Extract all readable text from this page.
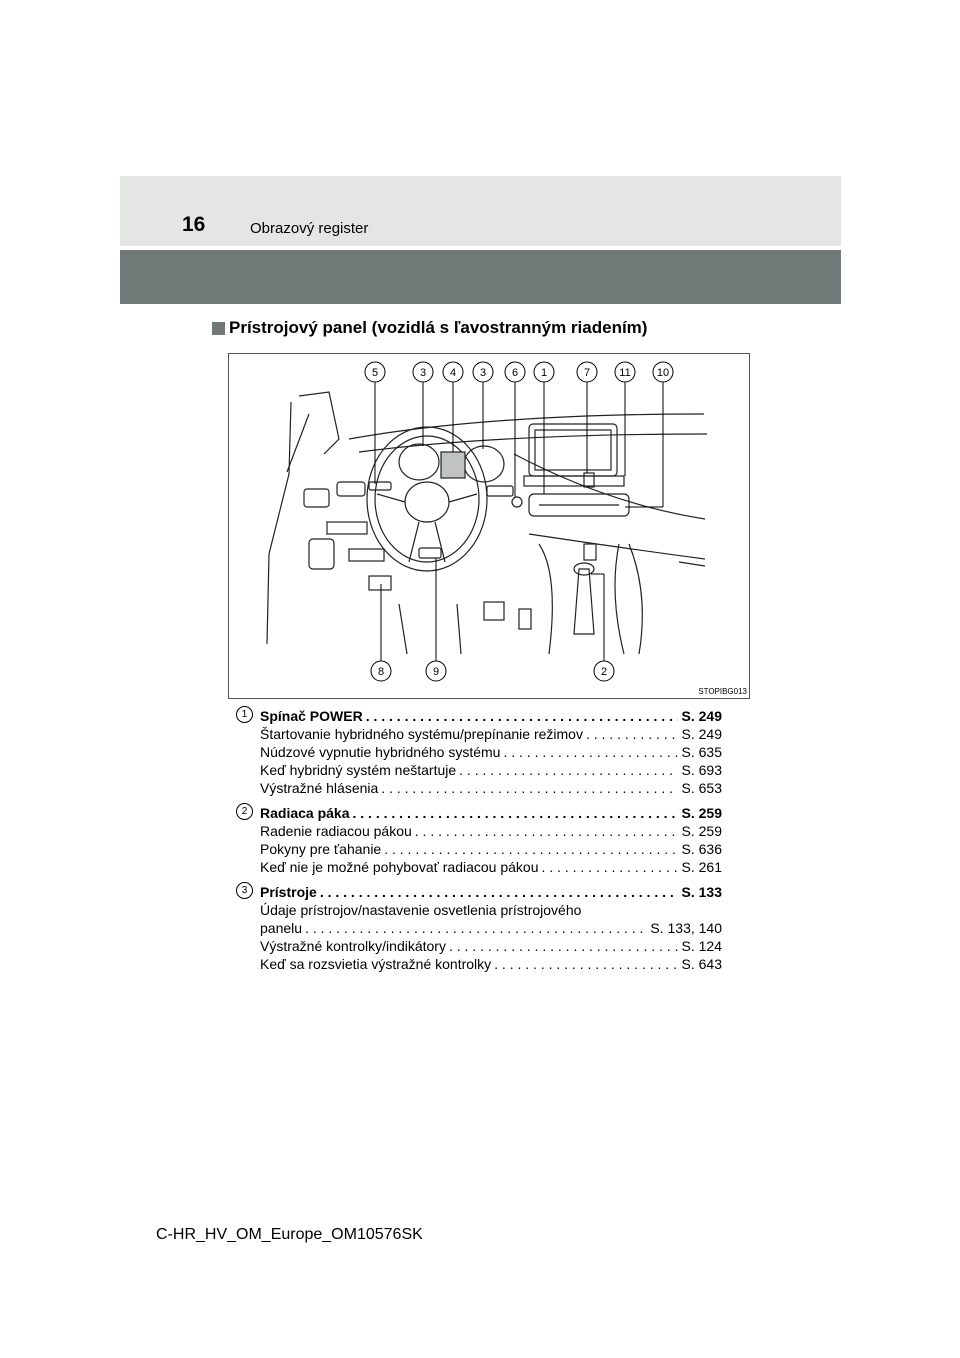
16	Obrazový register
Prístrojový panel (vozidlá s ľavostranným riadením)
5	3 4 3 6 1	7	11 10
8	9	2
STOPIBG013
1 Spínač POWER . . .	S. 249
Štartovanie hybridného systému/prepínanie režimov . . .	S. 249
Núdzové vypnutie hybridného systému . . .	S. 635
Keď hybridný systém neštartuje . . .	S. 693
Výstražné hlásenia . . .	S. 653
2 Radiaca páka . . .	S. 259
Radenie radiacou pákou . . .	S. 259
Pokyny pre ťahanie . . .	S. 636
Keď nie je možné pohybovať radiacou pákou . . .	S. 261
3 Prístroje . . .	S. 133
Údaje prístrojov/nastavenie osvetlenia prístrojového
panelu . . .	S. 133, 140
Výstražné kontrolky/indikátory . . .	S. 124
Keď sa rozsvietia výstražné kontrolky . . .	S. 643
C-HR_HV_OM_Europe_OM10576SK
